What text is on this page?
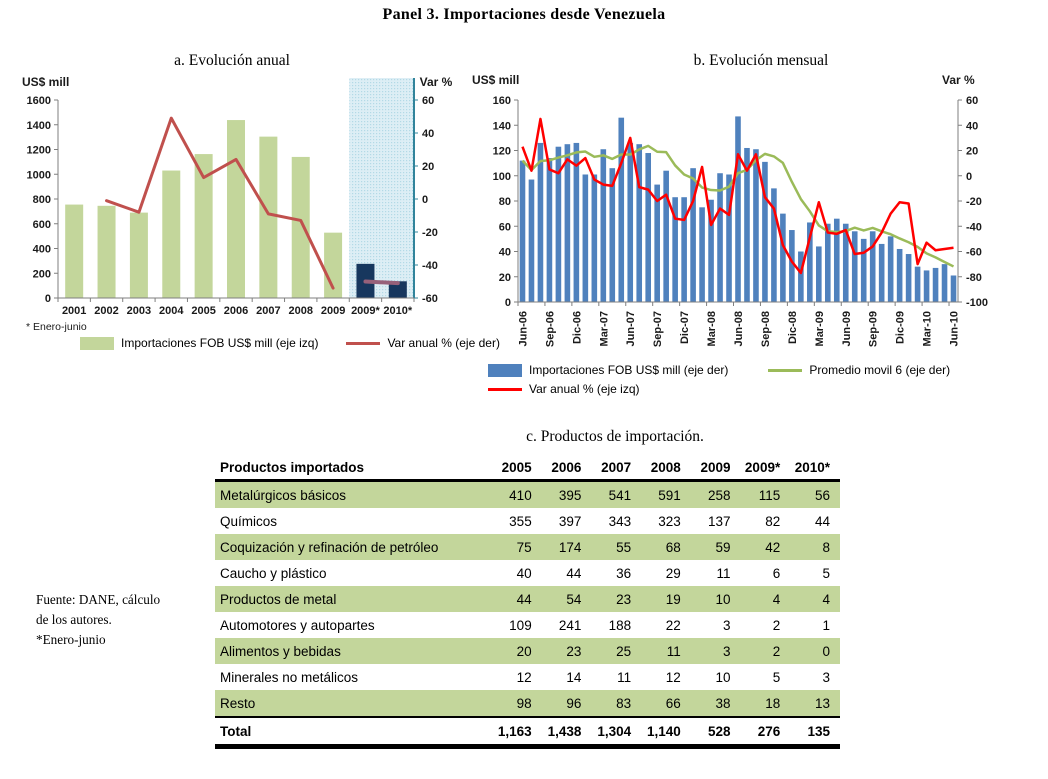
Panel 3. Importaciones desde Venezuela
a. Evolución anual	b. Evolución mensual
c. Productos de importación.
0
200
400
600
800
1000
1200
1400
1600
2001 2002 2003 2004 2005 2006 2007 2008 2009 2009* 2010*
-60
-40
-20
0
20
40
60
US$ mill	Var %
0
20
40
60
80
100
120
140
160
-100
-80
-60
-40
-20
0
20
40
60
Jun-06 Sep-06 Dic-06 Mar-07 Jun-07 Sep-07 Dic-07 Mar-08 Jun-08 Sep-08 Dic-08 Mar-09 Jun-09 Sep-09 Dic-09 Mar-10 Jun-10
US$ mill	Var %
* Enero-junio
Importaciones FOB US$ mill (eje izq)	Var anual % (eje der)
Importaciones FOB US$ mill (eje der)	Promedio movil 6 (eje der)
Var anual % (eje izq)
Fuente: DANE, cálculo
de los autores.
*Enero-junio
Productos importados	2005	2006	2007	2008	2009	2009*	2010*
Metalúrgicos básicos	410	395	541	591	258	115	56
Químicos	355	397	343	323	137	82	44
Coquización y refinación de petróleo	75	174	55	68	59	42	8
Caucho y plástico	40	44	36	29	11	6	5
Productos de metal	44	54	23	19	10	4	4
Automotores y autopartes	109	241	188	22	3	2	1
Alimentos y bebidas	20	23	25	11	3	2	0
Minerales no metálicos	12	14	11	12	10	5	3
Resto	98	96	83	66	38	18	13
Total	1,163	1,438	1,304	1,140	528	276	135
